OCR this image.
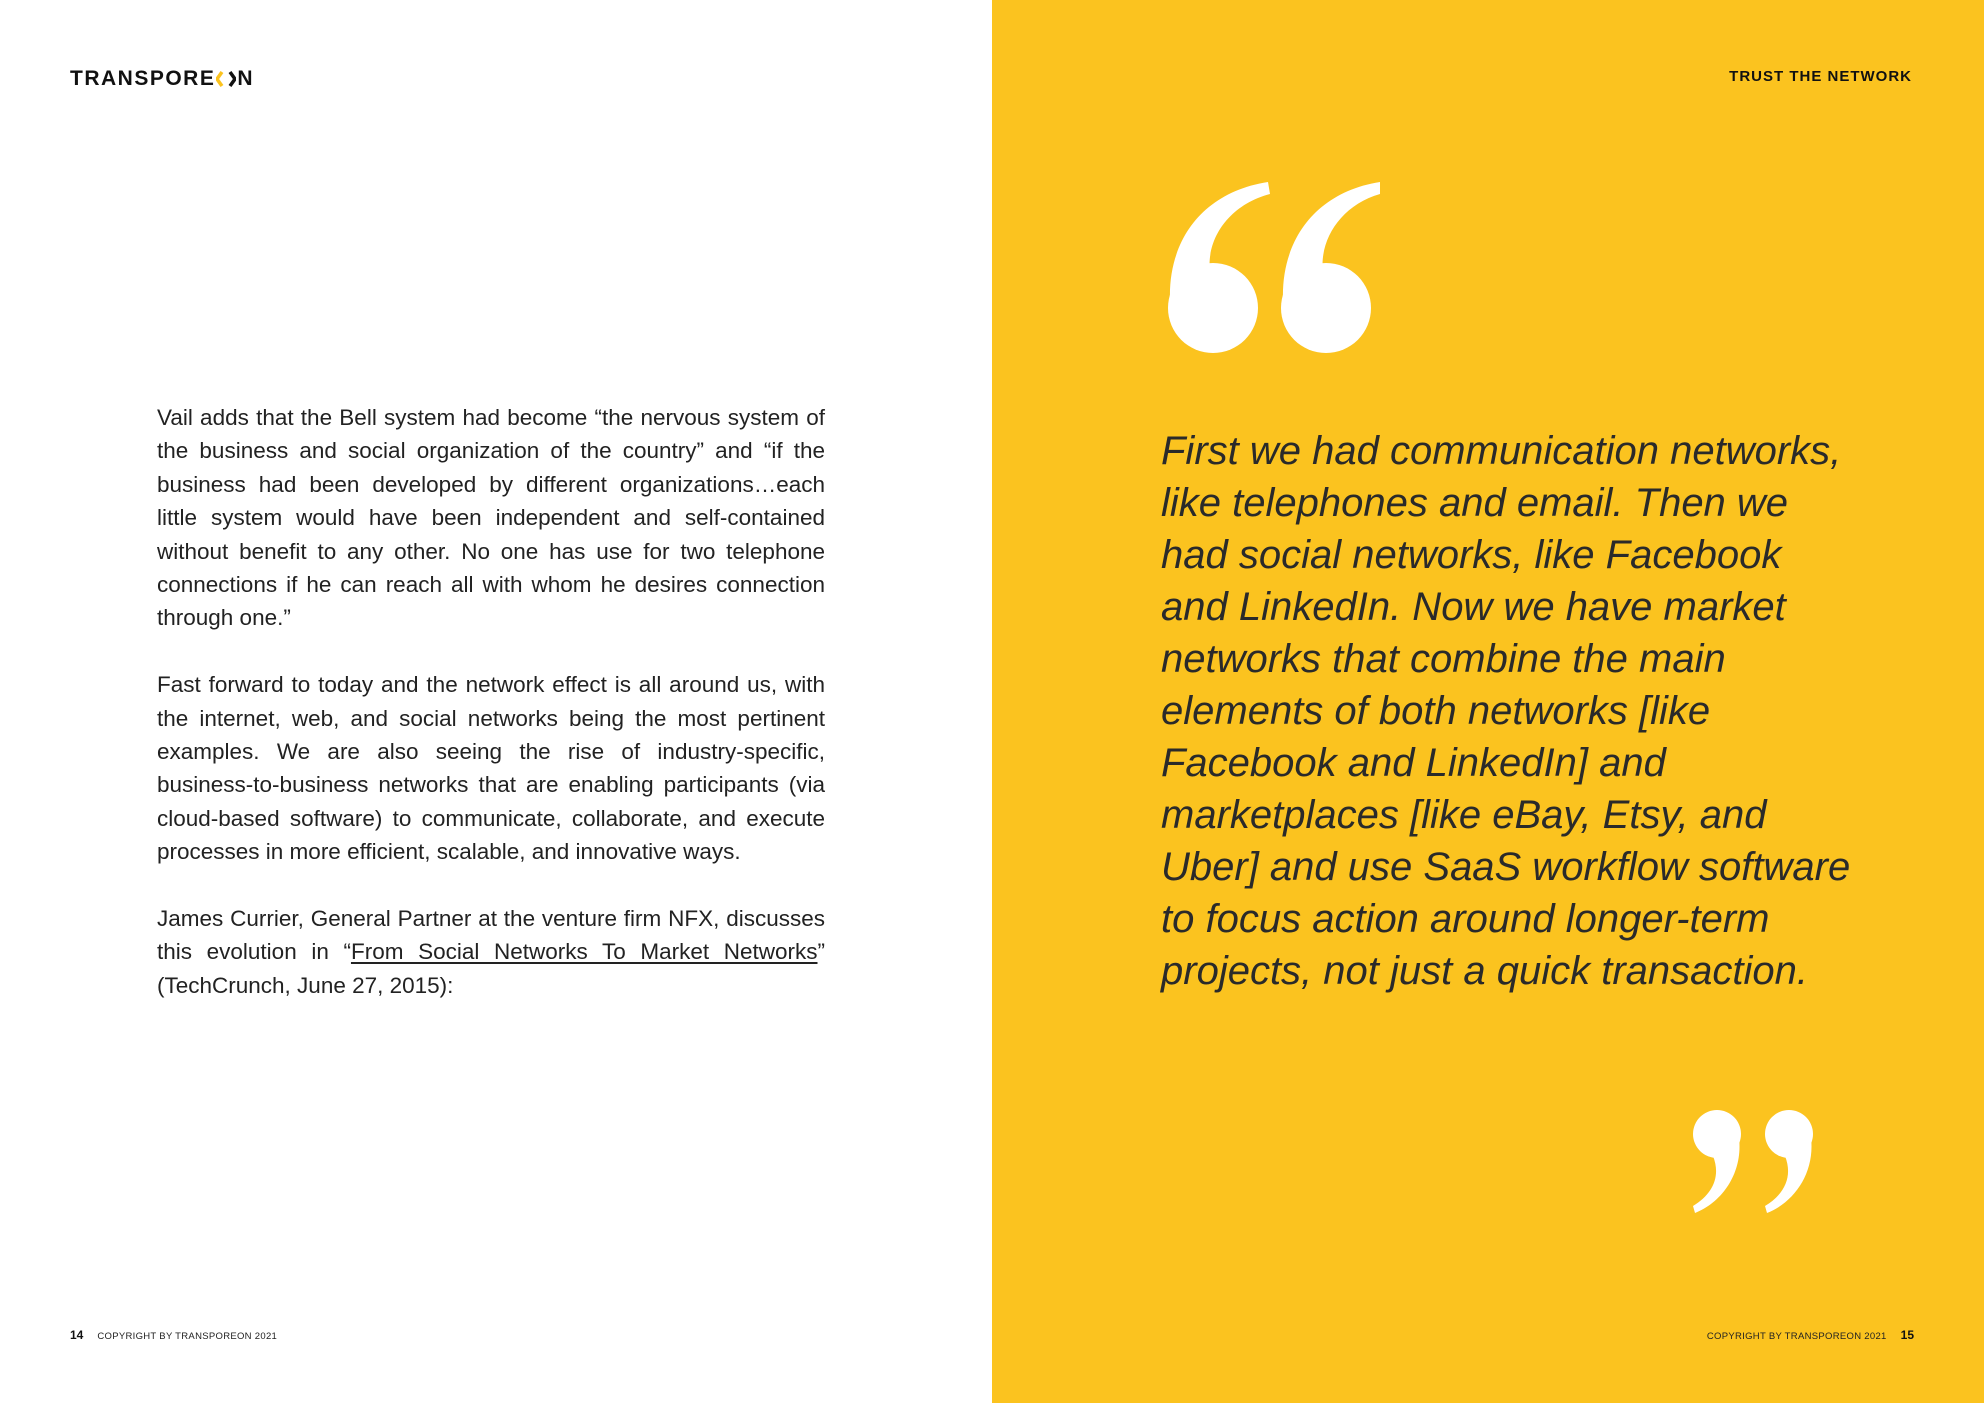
TRANSPORE N

Vail adds that the Bell system had become “the nervous system of the business and social organization of the country” and “if the business had been developed by different organizations…each little system would have been independent and self-contained without benefit to any other. No one has use for two telephone connections if he can reach all with whom he desires connection through one.”

Fast forward to today and the network effect is all around us, with the internet, web, and social networks being the most pertinent examples. We are also seeing the rise of industry-specific, business-to-business networks that are enabling participants (via cloud-based software) to communicate, collaborate, and execute processes in more efficient, scalable, and innovative ways.

James Currier, General Partner at the venture firm NFX, discusses this evolution in “From Social Networks To Market Networks” (TechCrunch, June 27, 2015):

14 COPYRIGHT BY TRANSPOREON 2021
TRUST THE NETWORK
COPYRIGHT BY TRANSPOREON 2021 15
First we had communication networks, like telephones and email. Then we had social networks, like Facebook and LinkedIn. Now we have market networks that combine the main elements of both networks [like Facebook and LinkedIn] and marketplaces [like eBay, Etsy, and Uber] and use SaaS workflow software to focus action around longer-term projects, not just a quick transaction.
